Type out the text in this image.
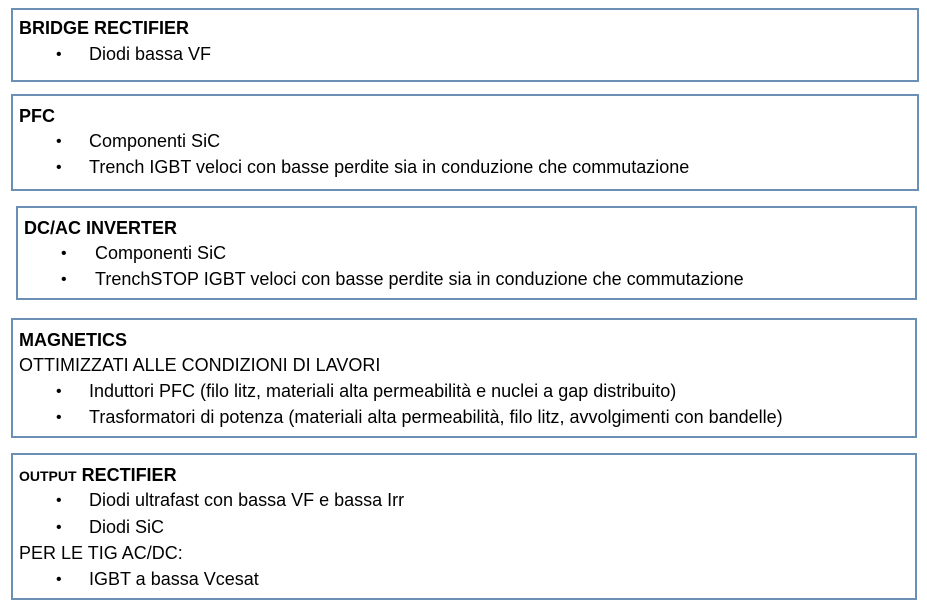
BRIDGE RECTIFIER
• Diodi bassa VF
PFC
• Componenti SiC
• Trench IGBT veloci con basse perdite sia in conduzione che commutazione
DC/AC INVERTER
• Componenti SiC
• TrenchSTOP IGBT veloci con basse perdite sia in conduzione che commutazione
MAGNETICS
OTTIMIZZATI ALLE CONDIZIONI DI LAVORI
• Induttori PFC (filo litz, materiali alta permeabilità e nuclei a gap distribuito)
• Trasformatori di potenza (materiali alta permeabilità, filo litz, avvolgimenti con bandelle)
OUTPUT RECTIFIER
• Diodi ultrafast con bassa VF e bassa Irr
• Diodi SiC
PER LE TIG AC/DC:
• IGBT a bassa Vcesat
